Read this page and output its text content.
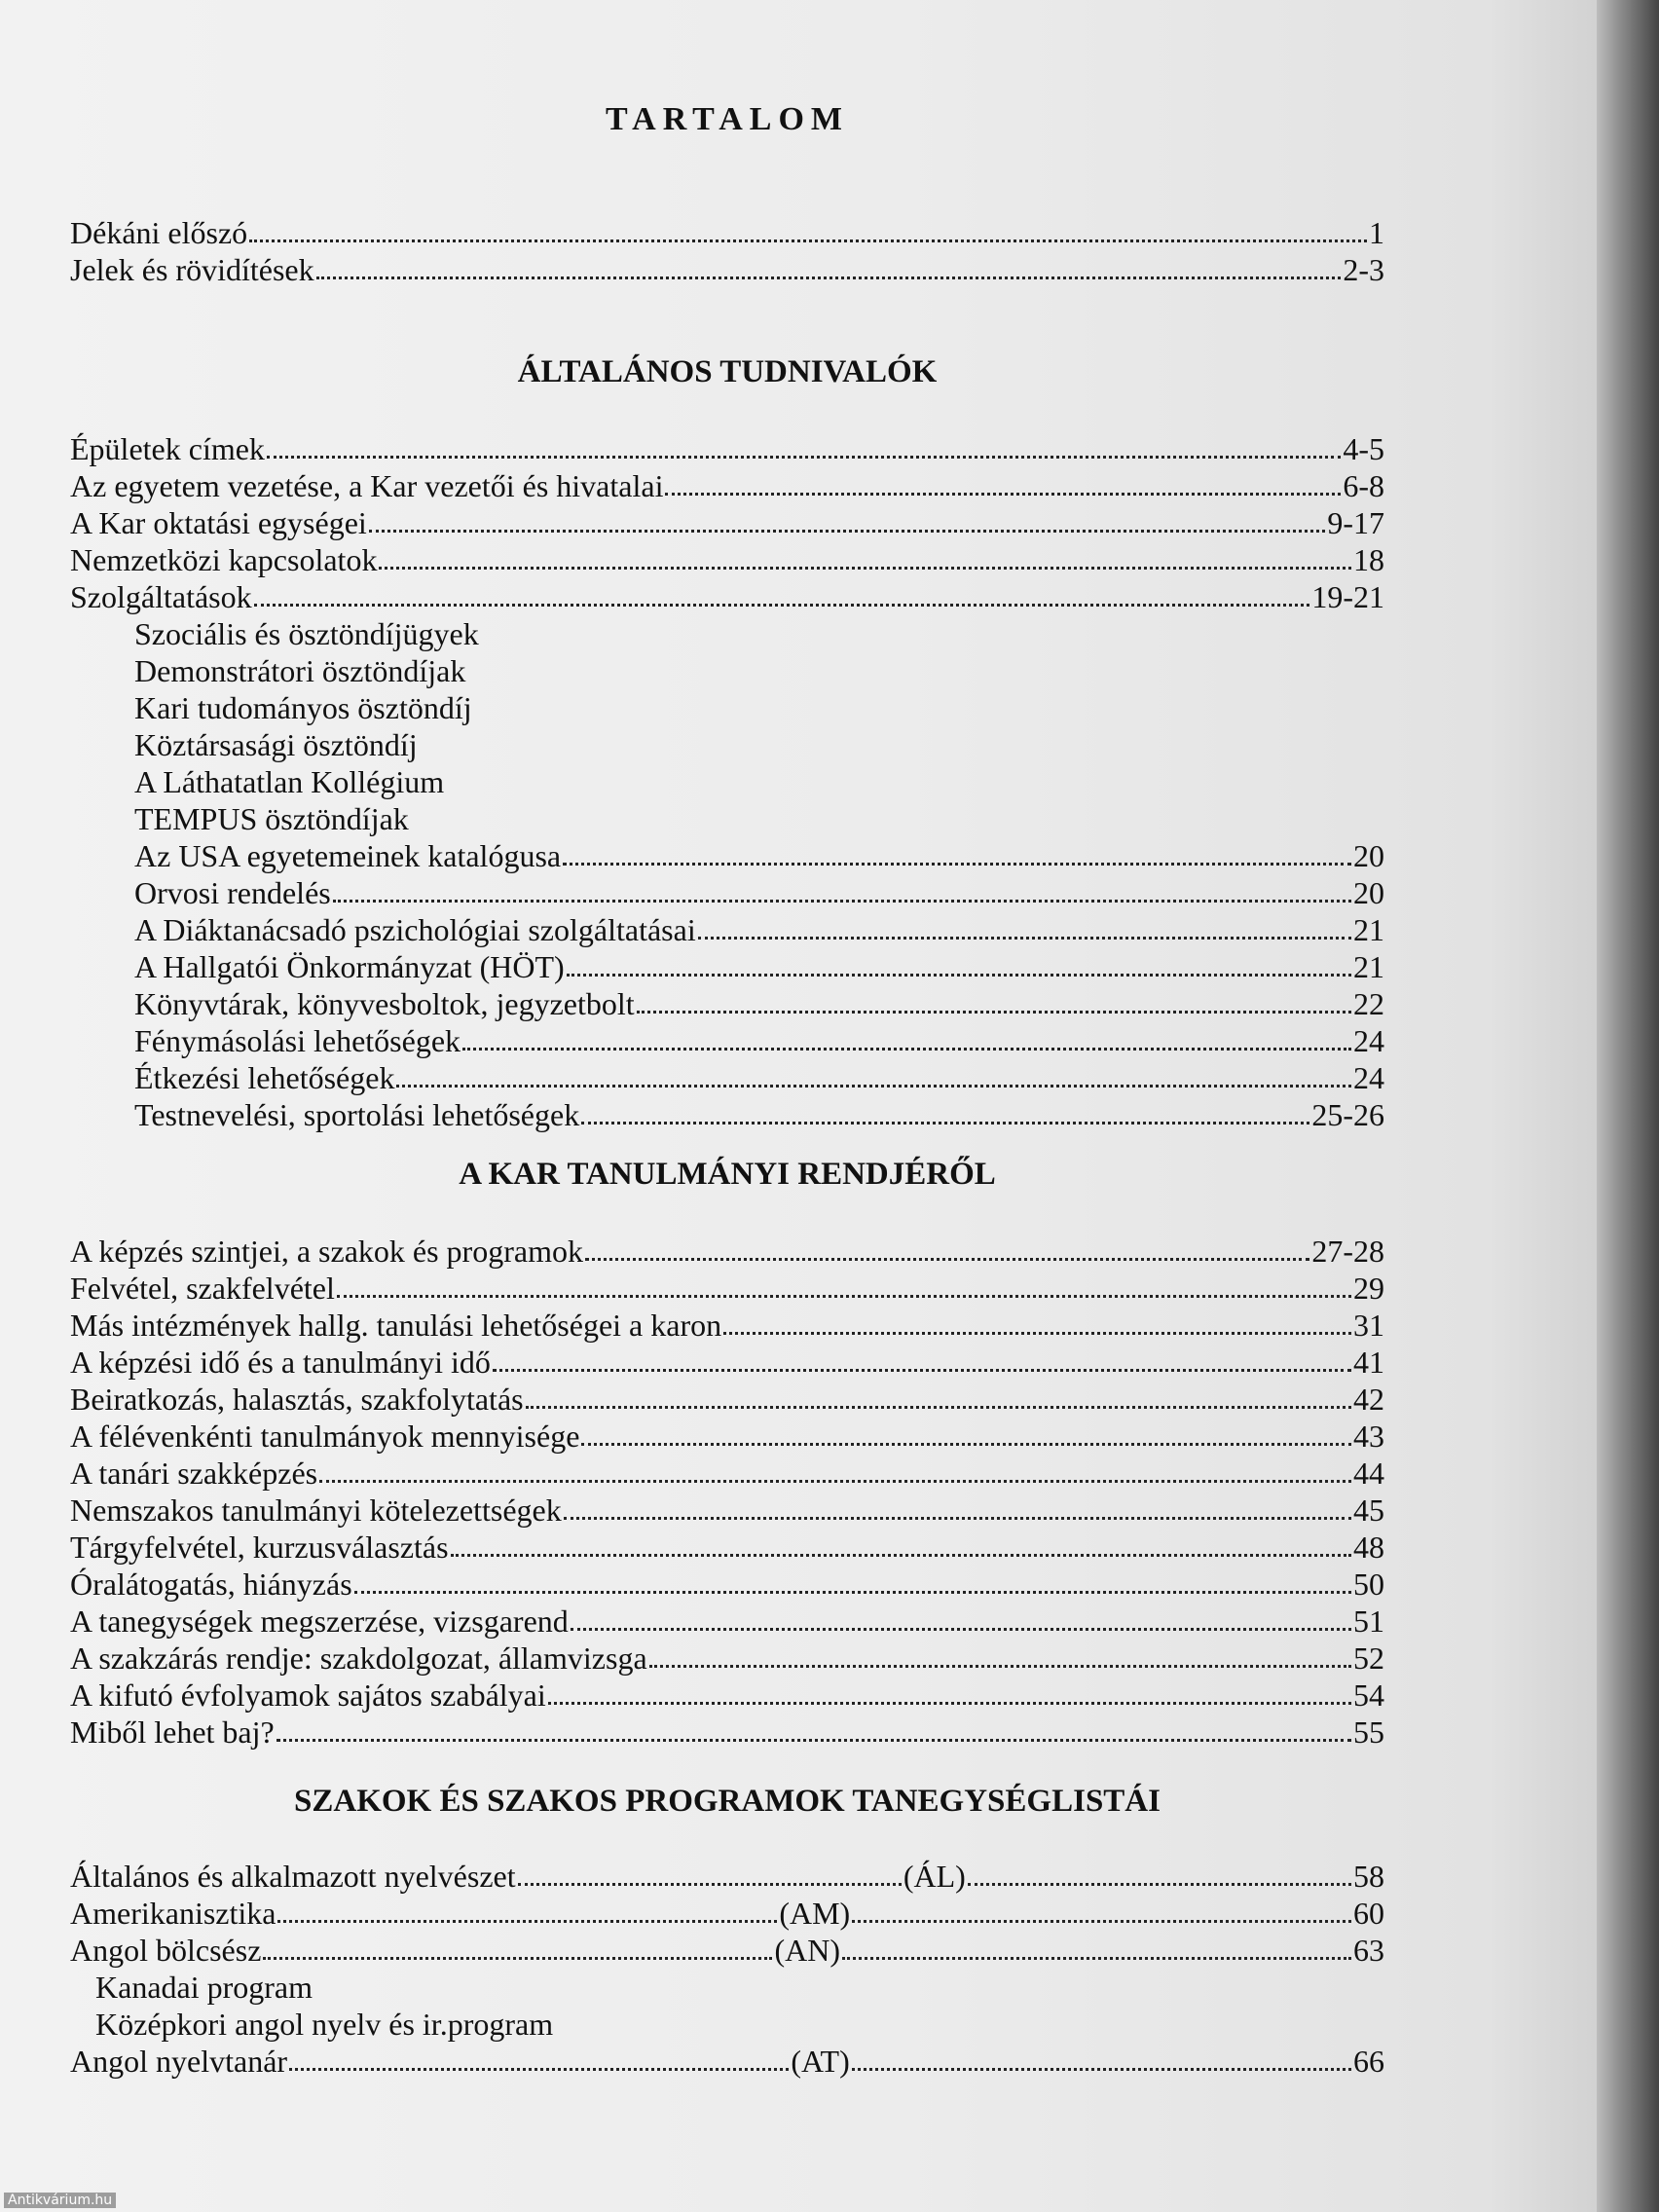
TARTALOM
Dékáni előszó	1
Jelek és rövidítések	2-3
ÁLTALÁNOS TUDNIVALÓK
Épületek címek	4-5
Az egyetem vezetése, a Kar vezetői és hivatalai	6-8
A Kar oktatási egységei	9-17
Nemzetközi kapcsolatok	18
Szolgáltatások	19-21
Szociális és ösztöndíjügyek
Demonstrátori ösztöndíjak
Kari tudományos ösztöndíj
Köztársasági ösztöndíj
A Láthatatlan Kollégium
TEMPUS ösztöndíjak
Az USA egyetemeinek katalógusa	20
Orvosi rendelés	20
A Diáktanácsadó pszichológiai szolgáltatásai	21
A Hallgatói Önkormányzat (HÖT)	21
Könyvtárak, könyvesboltok, jegyzetbolt	22
Fénymásolási lehetőségek	24
Étkezési lehetőségek	24
Testnevelési, sportolási lehetőségek	25-26
A KAR TANULMÁNYI RENDJÉRŐL
A képzés szintjei, a szakok és programok	27-28
Felvétel, szakfelvétel	29
Más intézmények hallg. tanulási lehetőségei a karon	31
A képzési idő és a tanulmányi idő	41
Beiratkozás, halasztás, szakfolytatás	42
A félévenkénti tanulmányok mennyisége	43
A tanári szakképzés	44
Nemszakos tanulmányi kötelezettségek	45
Tárgyfelvétel, kurzusválasztás	48
Óralátogatás, hiányzás	50
A tanegységek megszerzése, vizsgarend	51
A szakzárás rendje: szakdolgozat, államvizsga	52
A kifutó évfolyamok sajátos szabályai	54
Miből lehet baj?	55
SZAKOK ÉS SZAKOS PROGRAMOK TANEGYSÉGLISTÁI
Általános és alkalmazott nyelvészet	(ÁL)	58
Amerikanisztika	(AM)	60
Angol bölcsész	(AN)	63
Kanadai program
Középkori angol nyelv és ir.program
Angol nyelvtanár	(AT)	66
Antikvárium.hu
